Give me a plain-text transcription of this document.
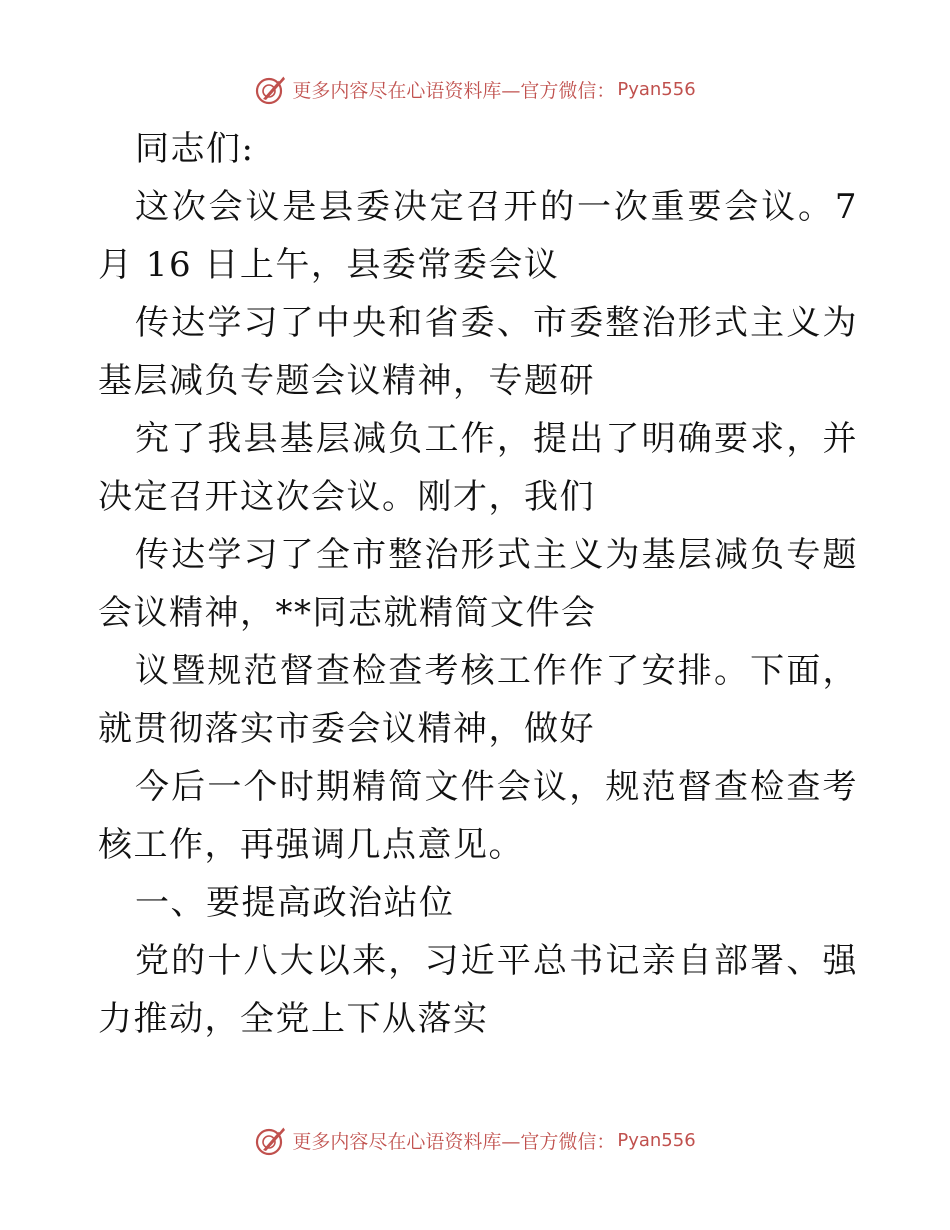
更多内容尽在心语资料库—官方微信： Pyan556

同志们:

这次会议是县委决定召开的一次重要会议。7 月 16 日上午，县委常委会议

传达学习了中央和省委、市委整治形式主义为基层减负专题会议精神，专题研

究了我县基层减负工作，提出了明确要求，并决定召开这次会议。刚才，我们

传达学习了全市整治形式主义为基层减负专题会议精神，**同志就精简文件会

议暨规范督查检查考核工作作了安排。下面，就贯彻落实市委会议精神，做好

今后一个时期精简文件会议，规范督查检查考核工作，再强调几点意见。

一、要提高政治站位

党的十八大以来，习近平总书记亲自部署、强力推动，全党上下从落实

更多内容尽在心语资料库—官方微信： Pyan556
